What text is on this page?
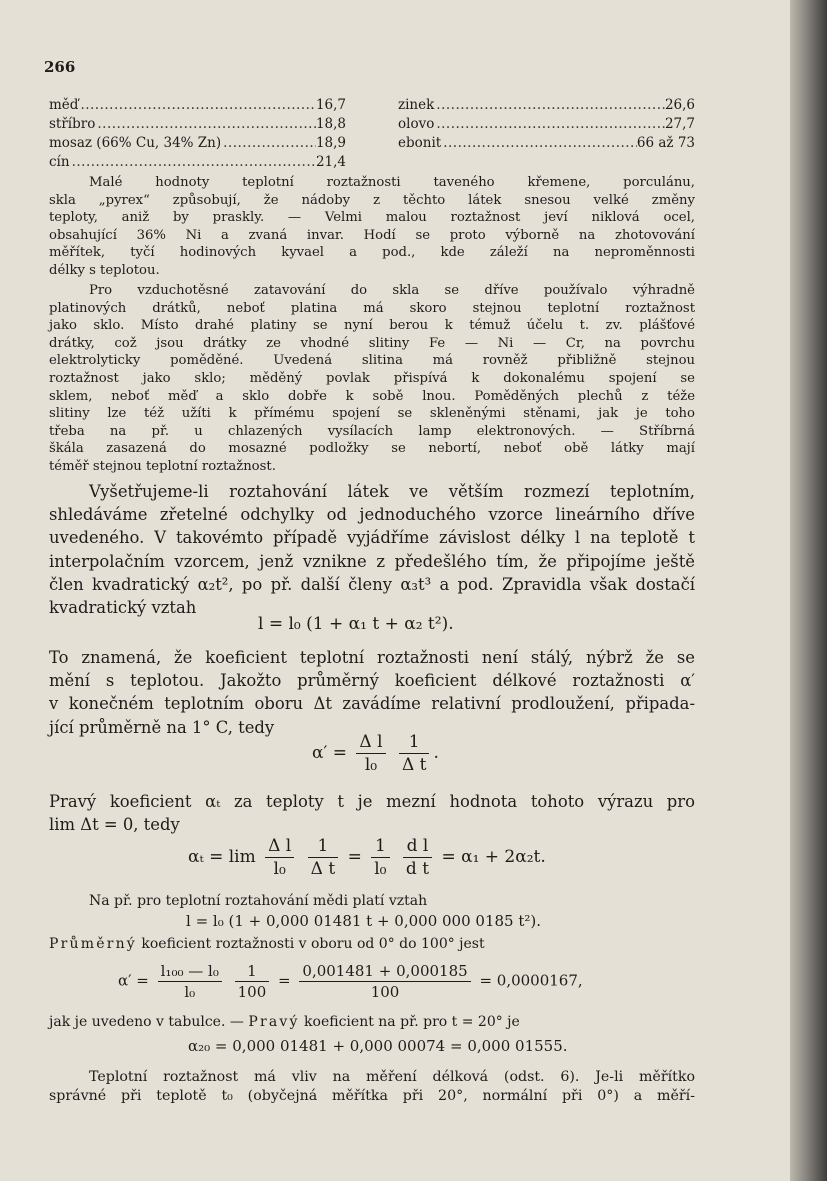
266
měď .....	16,7
stříbro .....	18,8
mosaz (66% Cu, 34% Zn) .....	18,9
cín .....	21,4
zinek .....	26,6
olovo .....	27,7
ebonit .....	66 až 73
Malé hodnoty teplotní roztažnosti taveného křemene, porculánu,
skla „pyrex“ způsobují, že nádoby z těchto látek snesou velké změny
teploty, aniž by praskly. — Velmi malou roztažnost jeví niklová ocel,
obsahující 36% Ni a zvaná invar. Hodí se proto výborně na zhotovování
měřítek, tyčí hodinových kyvael a pod., kde záleží na neproměnnosti
délky s teplotou.
Pro vzduchotěsné zatavování do skla se dříve používalo výhradně
platinových drátků, neboť platina má skoro stejnou teplotní roztažnost
jako sklo. Místo drahé platiny se nyní berou k témuž účelu t. zv. plášťové
drátky, což jsou drátky ze vhodné slitiny Fe — Ni — Cr, na povrchu
elektrolyticky poměděné. Uvedená slitina má rovněž přibližně stejnou
roztažnost jako sklo; měděný povlak přispívá k dokonalému spojení se
sklem, neboť měď a sklo dobře k sobě lnou. Poměděných plechů z téže
slitiny lze též užíti k přímému spojení se skleněnými stěnami, jak je toho
třeba na př. u chlazených vysílacích lamp elektronových. — Stříbrná
škála zasazená do mosazné podložky se nebortí, neboť obě látky mají
téměř stejnou teplotní roztažnost.
Vyšetřujeme-li roztahování látek ve větším rozmezí teplotním,
shledáváme zřetelné odchylky od jednoduchého vzorce lineárního dříve
uvedeného. V takovémto případě vyjádříme závislost délky l na teplotě t
interpolačním vzorcem, jenž vznikne z předešlého tím, že připojíme ještě
člen kvadratický α₂t², po př. další členy α₃t³ a pod. Zpravidla však dostačí
kvadratický vztah
l = l₀ (1 + α₁ t + α₂ t²).
To znamená, že koeficient teplotní roztažnosti není stálý, nýbrž že se
mění s teplotou. Jakožto průměrný koeficient délkové roztažnosti α′
v konečném teplotním oboru Δt zavádíme relativní prodloužení, připada-
jící průměrně na 1° C, tedy
$\alpha' = \frac{\text{Δ l}}{\text{l₀}}$
$\frac{1}{\text{Δ t}}$ .
Pravý koeficient αₜ za teploty t je mezní hodnota tohoto výrazu pro
lim Δt = 0, tedy
$\alpha_t = \lim \frac{\text{Δ l}}{\text{l₀}}$
$\frac{1}{\text{Δ t}} = \frac{1}{\text{l₀}}$
$\frac{\text{d l}}{\text{d t}} = \alpha_1 + 2\alpha_2t$.
Na př. pro teplotní roztahování mědi platí vztah
l = l₀ (1 + 0,000 01481 t + 0,000 000 0185 t²).
Průměrný koeficient roztažnosti v oboru od 0° do 100° jest
$\alpha' = \frac{\text{l₁₀₀ — l₀}}{\text{l₀}}$
$\frac{1}{100} = \frac{0,001481 + 0,000185}{100} = 0,0000167$,
jak je uvedeno v tabulce. — Pravý koeficient na př. pro t = 20° je
α₂₀ = 0,000 01481 + 0,000 00074 = 0,000 01555.
Teplotní roztažnost má vliv na měření délková (odst. 6). Je-li měřítko
správné při teplotě t₀ (obyčejná měřítka při 20°, normální při 0°) a měří-
